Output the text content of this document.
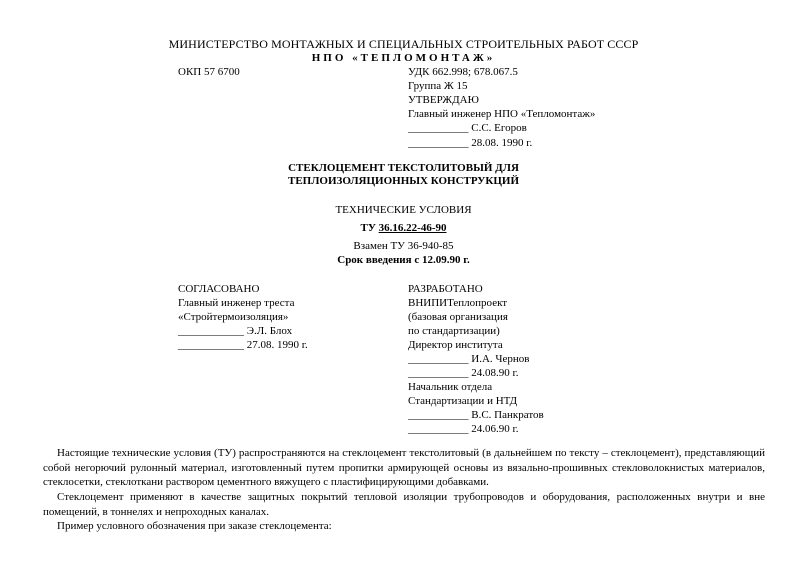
МИНИСТЕРСТВО МОНТАЖНЫХ И СПЕЦИАЛЬНЫХ СТРОИТЕЛЬНЫХ РАБОТ СССР
НПО «ТЕПЛОМОНТАЖ»
ОКП 57 6700	УДК 662.998; 678.067.5
Группа Ж 15
УТВЕРЖДАЮ
Главный инженер НПО «Тепломонтаж»
___________ С.С. Егоров
___________ 28.08. 1990 г.
СТЕКЛОЦЕМЕНТ ТЕКСТОЛИТОВЫЙ ДЛЯ
ТЕПЛОИЗОЛЯЦИОННЫХ КОНСТРУКЦИЙ
ТЕХНИЧЕСКИЕ УСЛОВИЯ
ТУ 36.16.22-46-90
Взамен ТУ 36-940-85
Срок введения с 12.09.90 г.
СОГЛАСОВАНО
Главный инженер треста
«Стройтермоизоляция»
____________ Э.Л. Блох
____________ 27.08. 1990 г.
РАЗРАБОТАНО
ВНИПИТеплопроект
(базовая организация
по стандартизации)
Директор института
___________ И.А. Чернов
___________ 24.08.90 г.
Начальник отдела
Стандартизации и НТД
___________ В.С. Панкратов
___________ 24.06.90 г.

Настоящие технические условия (ТУ) распространяются на стеклоцемент текстолитовый (в дальнейшем по тексту – стеклоцемент), представляющий собой негорючий рулонный материал, изготовленный путем пропитки армирующей основы из вязально-прошивных стекловолокнистых материалов, стеклосетки, стеклоткани раствором цементного вяжущего с пластифицирующими добавками.

Стеклоцемент применяют в качестве защитных покрытий тепловой изоляции трубопроводов и оборудования, расположенных внутри и вне помещений, в тоннелях и непроходных каналах.

Пример условного обозначения при заказе стеклоцемента:
